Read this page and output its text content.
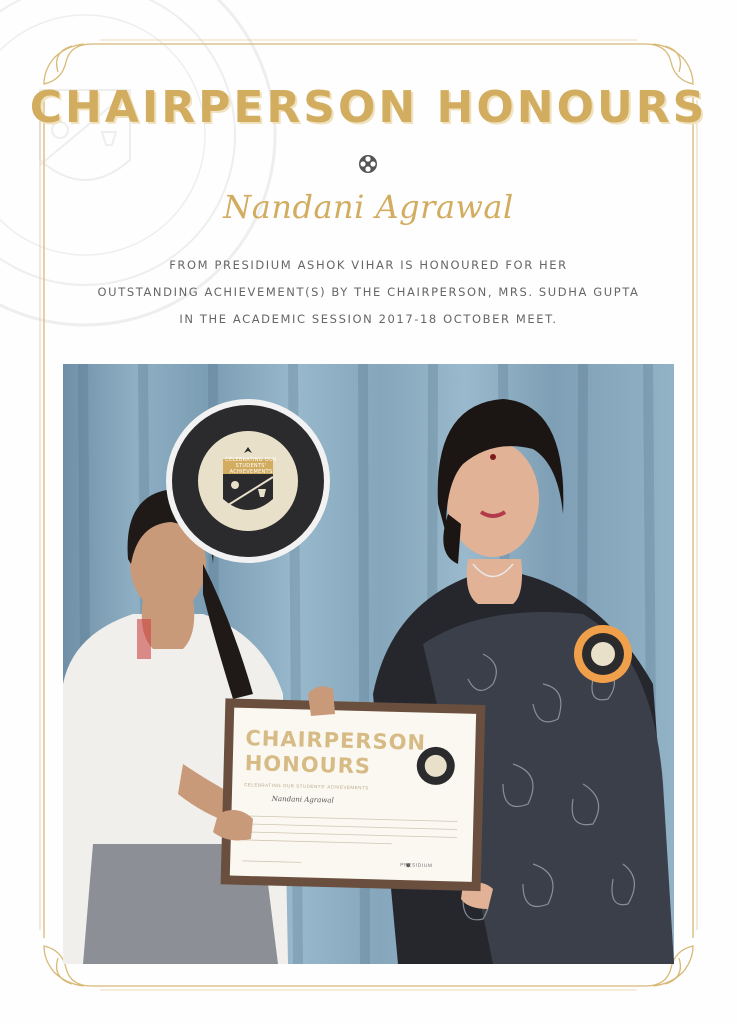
CHAIRPERSON HONOURS
Nandani Agrawal
FROM PRESIDIUM ASHOK VIHAR IS HONOURED FOR HER
OUTSTANDING ACHIEVEMENT(S) BY THE CHAIRPERSON, MRS. SUDHA GUPTA
IN THE ACADEMIC SESSION 2017-18 OCTOBER MEET.
CELEBRATING OUR STUDENTS' ACHIEVEMENTS
CHAIRPERSON
HONOURS
CELEBRATING OUR STUDENTS' ACHIEVEMENTS
Nandani Agrawal
PRESIDIUM
